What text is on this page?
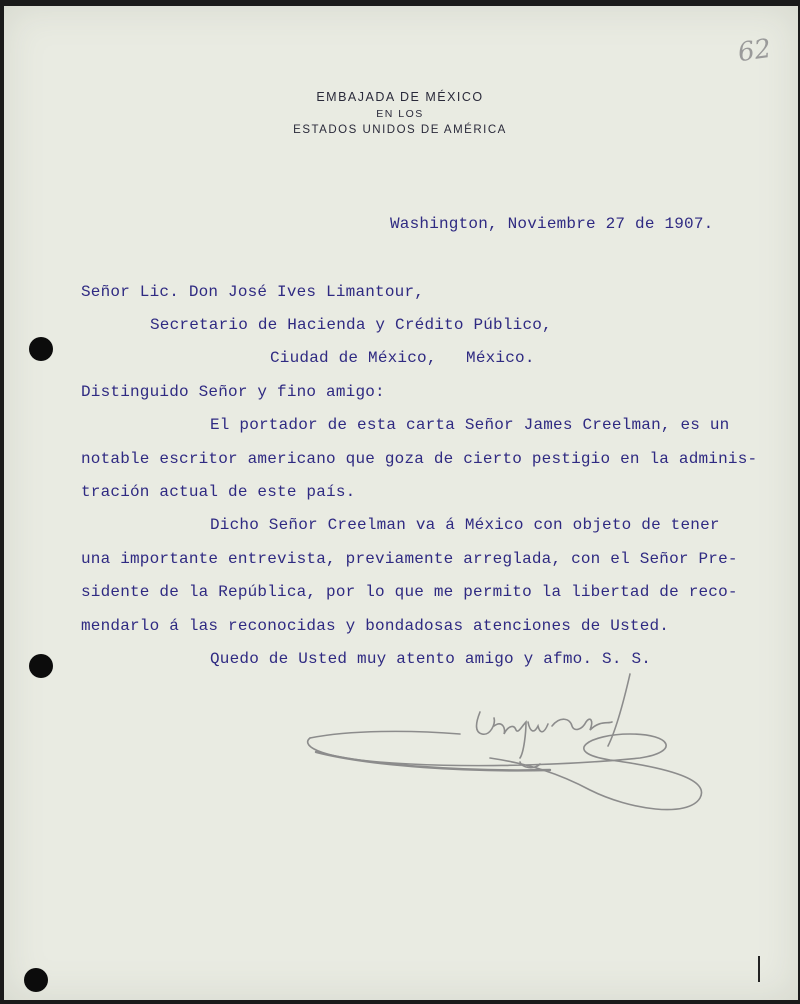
62
EMBAJADA DE MÉXICO
EN LOS
ESTADOS UNIDOS DE AMÉRICA
Washington, Noviembre 27 de 1907.
Señor Lic. Don José Ives Limantour,
Secretario de Hacienda y Crédito Público,
Ciudad de México,   México.
Distinguido Señor y fino amigo:
El portador de esta carta Señor James Creelman, es un
notable escritor americano que goza de cierto pestigio en la adminis-
tración actual de este país.
Dicho Señor Creelman va á México con objeto de tener
una importante entrevista, previamente arreglada, con el Señor Pre-
sidente de la República, por lo que me permito la libertad de reco-
mendarlo á las reconocidas y bondadosas atenciones de Usted.
Quedo de Usted muy atento amigo y afmo. S. S.
